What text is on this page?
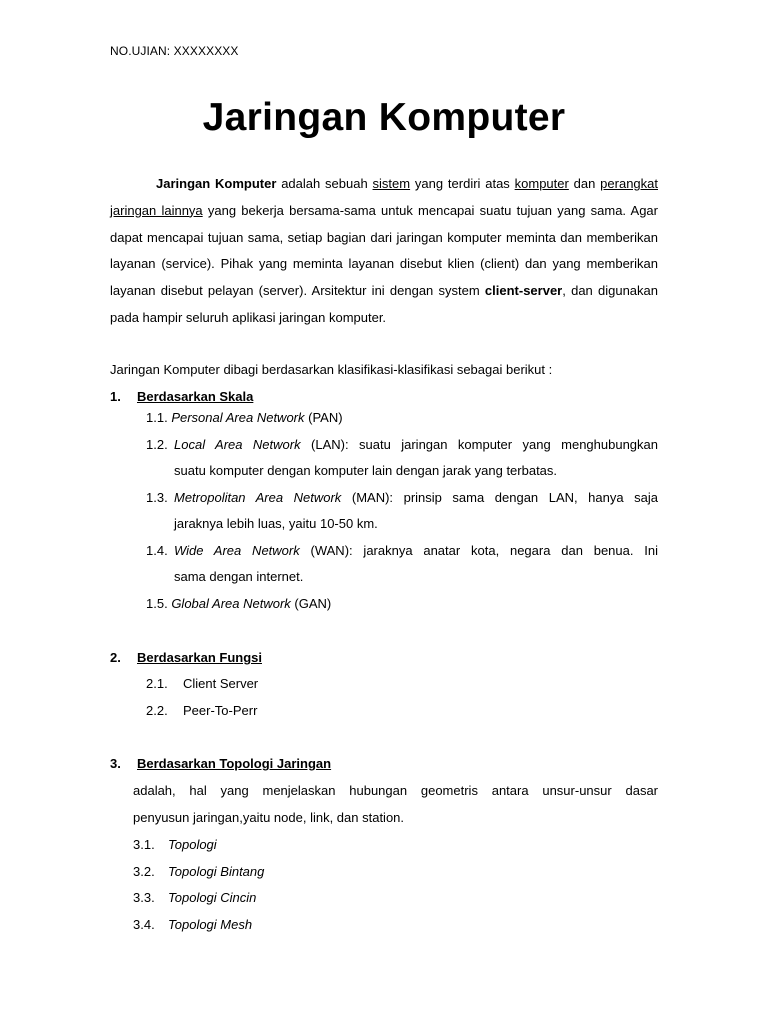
NO.UJIAN: XXXXXXXX
Jaringan Komputer
Jaringan Komputer adalah sebuah sistem yang terdiri atas komputer dan perangkat jaringan lainnya yang bekerja bersama-sama untuk mencapai suatu tujuan yang sama. Agar dapat mencapai tujuan sama, setiap bagian dari jaringan komputer meminta dan memberikan layanan (service). Pihak yang meminta layanan disebut klien (client) dan yang memberikan layanan disebut pelayan (server). Arsitektur ini dengan system client-server, dan digunakan pada hampir seluruh aplikasi jaringan komputer.
Jaringan Komputer dibagi berdasarkan klasifikasi-klasifikasi sebagai berikut :
1. Berdasarkan Skala
1.1. Personal Area Network (PAN)
1.2. Local Area Network (LAN): suatu jaringan komputer yang menghubungkan
suatu komputer dengan komputer lain dengan jarak yang terbatas.
1.3. Metropolitan Area Network (MAN): prinsip sama dengan LAN, hanya saja
jaraknya lebih luas, yaitu 10-50 km.
1.4. Wide Area Network (WAN): jaraknya anatar kota, negara dan benua. Ini
sama dengan internet.
1.5. Global Area Network (GAN)
2. Berdasarkan Fungsi
2.1. Client Server
2.2. Peer-To-Perr
3. Berdasarkan Topologi Jaringan
adalah, hal yang menjelaskan hubungan geometris antara unsur-unsur dasar
penyusun jaringan,yaitu node, link, dan station.
3.1. Topologi
3.2. Topologi Bintang
3.3. Topologi Cincin
3.4. Topologi Mesh
